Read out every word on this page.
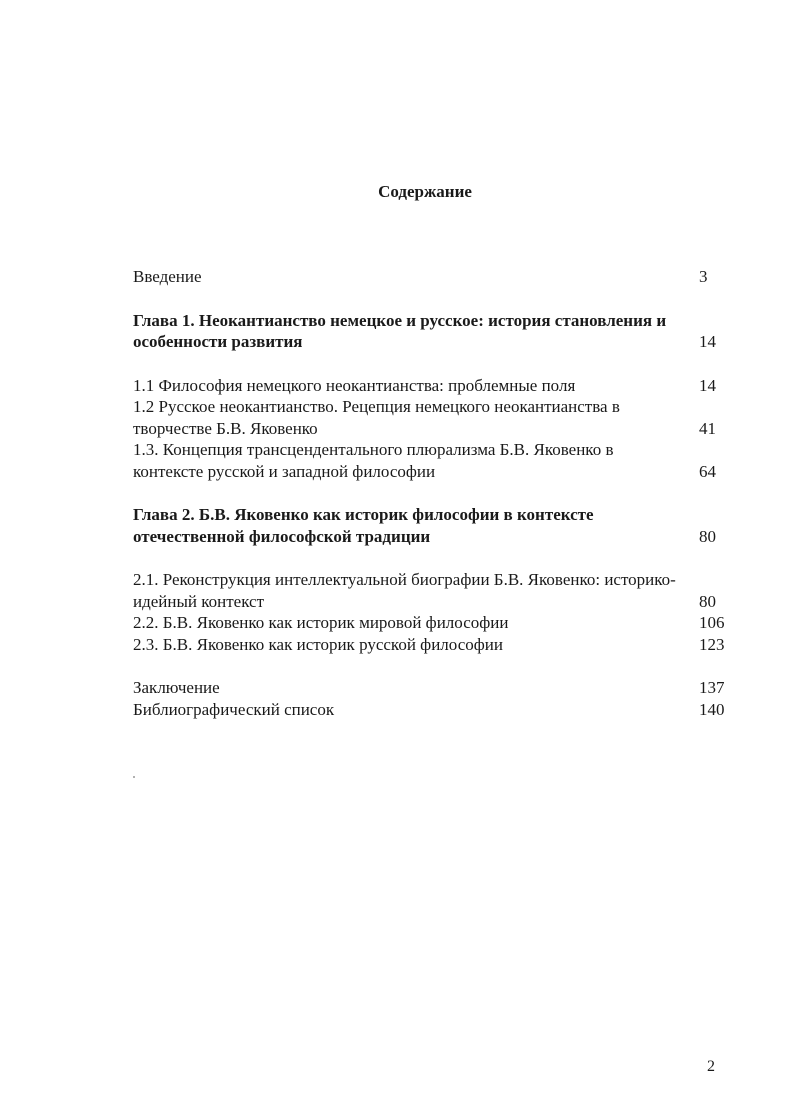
Содержание
Введение	3
Глава 1. Неокантианство немецкое и русское: история становления и особенности развития	14
1.1 Философия немецкого неокантианства: проблемные поля	14
1.2 Русское неокантианство. Рецепция немецкого неокантианства в творчестве Б.В. Яковенко	41
1.3. Концепция трансцендентального плюрализма Б.В. Яковенко в контексте русской и западной философии	64
Глава 2. Б.В. Яковенко как историк философии в контексте отечественной философской традиции	80
2.1. Реконструкция интеллектуальной биографии Б.В. Яковенко: историко-идейный контекст	80
2.2. Б.В. Яковенко как историк мировой философии	106
2.3. Б.В. Яковенко как историк русской философии	123
Заключение	137
Библиографический список	140
2
